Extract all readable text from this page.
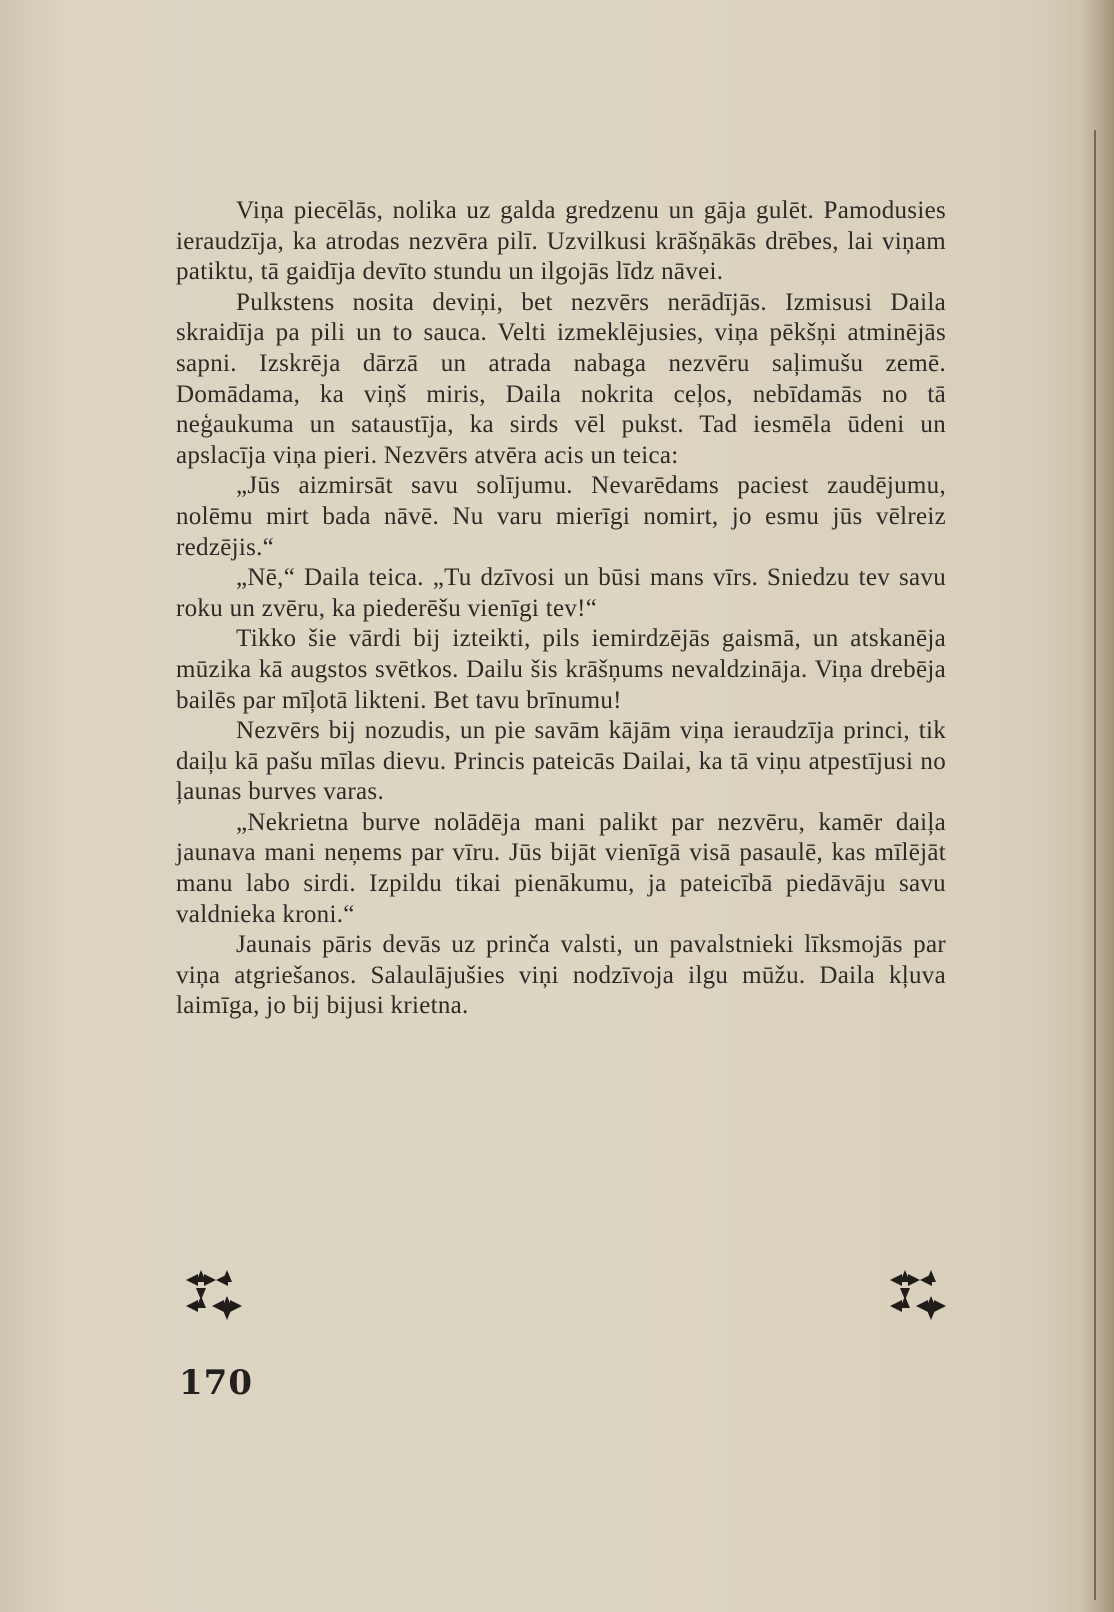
Viņa piecēlās, nolika uz galda gredzenu un gāja gulēt. Pamodusies ieraudzīja, ka atrodas nezvēra pilī. Uzvilkusi krāšņākās drēbes, lai viņam patiktu, tā gaidīja devīto stundu un ilgojās līdz nāvei.

Pulkstens nosita deviņi, bet nezvērs nerādījās. Izmisusi Daila skraidīja pa pili un to sauca. Velti izmeklējusies, viņa pēkšņi atminējās sapni. Izskrēja dārzā un atrada nabaga nezvēru saļimušu zemē. Domādama, ka viņš miris, Daila nokrita ceļos, nebīdamās no tā neģaukuma un sataustīja, ka sirds vēl pukst. Tad iesmēla ūdeni un apslacīja viņa pieri. Nezvērs atvēra acis un teica:

„Jūs aizmirsāt savu solījumu. Nevarēdams paciest zaudējumu, nolēmu mirt bada nāvē. Nu varu mierīgi nomirt, jo esmu jūs vēlreiz redzējis.“

„Nē,“ Daila teica. „Tu dzīvosi un būsi mans vīrs. Sniedzu tev savu roku un zvēru, ka piederēšu vienīgi tev!“

Tikko šie vārdi bij izteikti, pils iemirdzējās gaismā, un atskanēja mūzika kā augstos svētkos. Dailu šis krāšņums nevaldzināja. Viņa drebēja bailēs par mīļotā likteni. Bet tavu brīnumu!

Nezvērs bij nozudis, un pie savām kājām viņa ieraudzīja princi, tik daiļu kā pašu mīlas dievu. Princis pateicās Dailai, ka tā viņu atpestījusi no ļaunas burves varas.

„Nekrietna burve nolādēja mani palikt par nezvēru, kamēr daiļa jaunava mani neņems par vīru. Jūs bijāt vienīgā visā pasaulē, kas mīlējāt manu labo sirdi. Izpildu tikai pienākumu, ja pateicībā piedāvāju savu valdnieka kroni.“

Jaunais pāris devās uz prinča valsti, un pavalstnieki līksmojās par viņa atgriešanos. Salaulājušies viņi nodzīvoja ilgu mūžu. Daila kļuva laimīga, jo bij bijusi krietna.

170
